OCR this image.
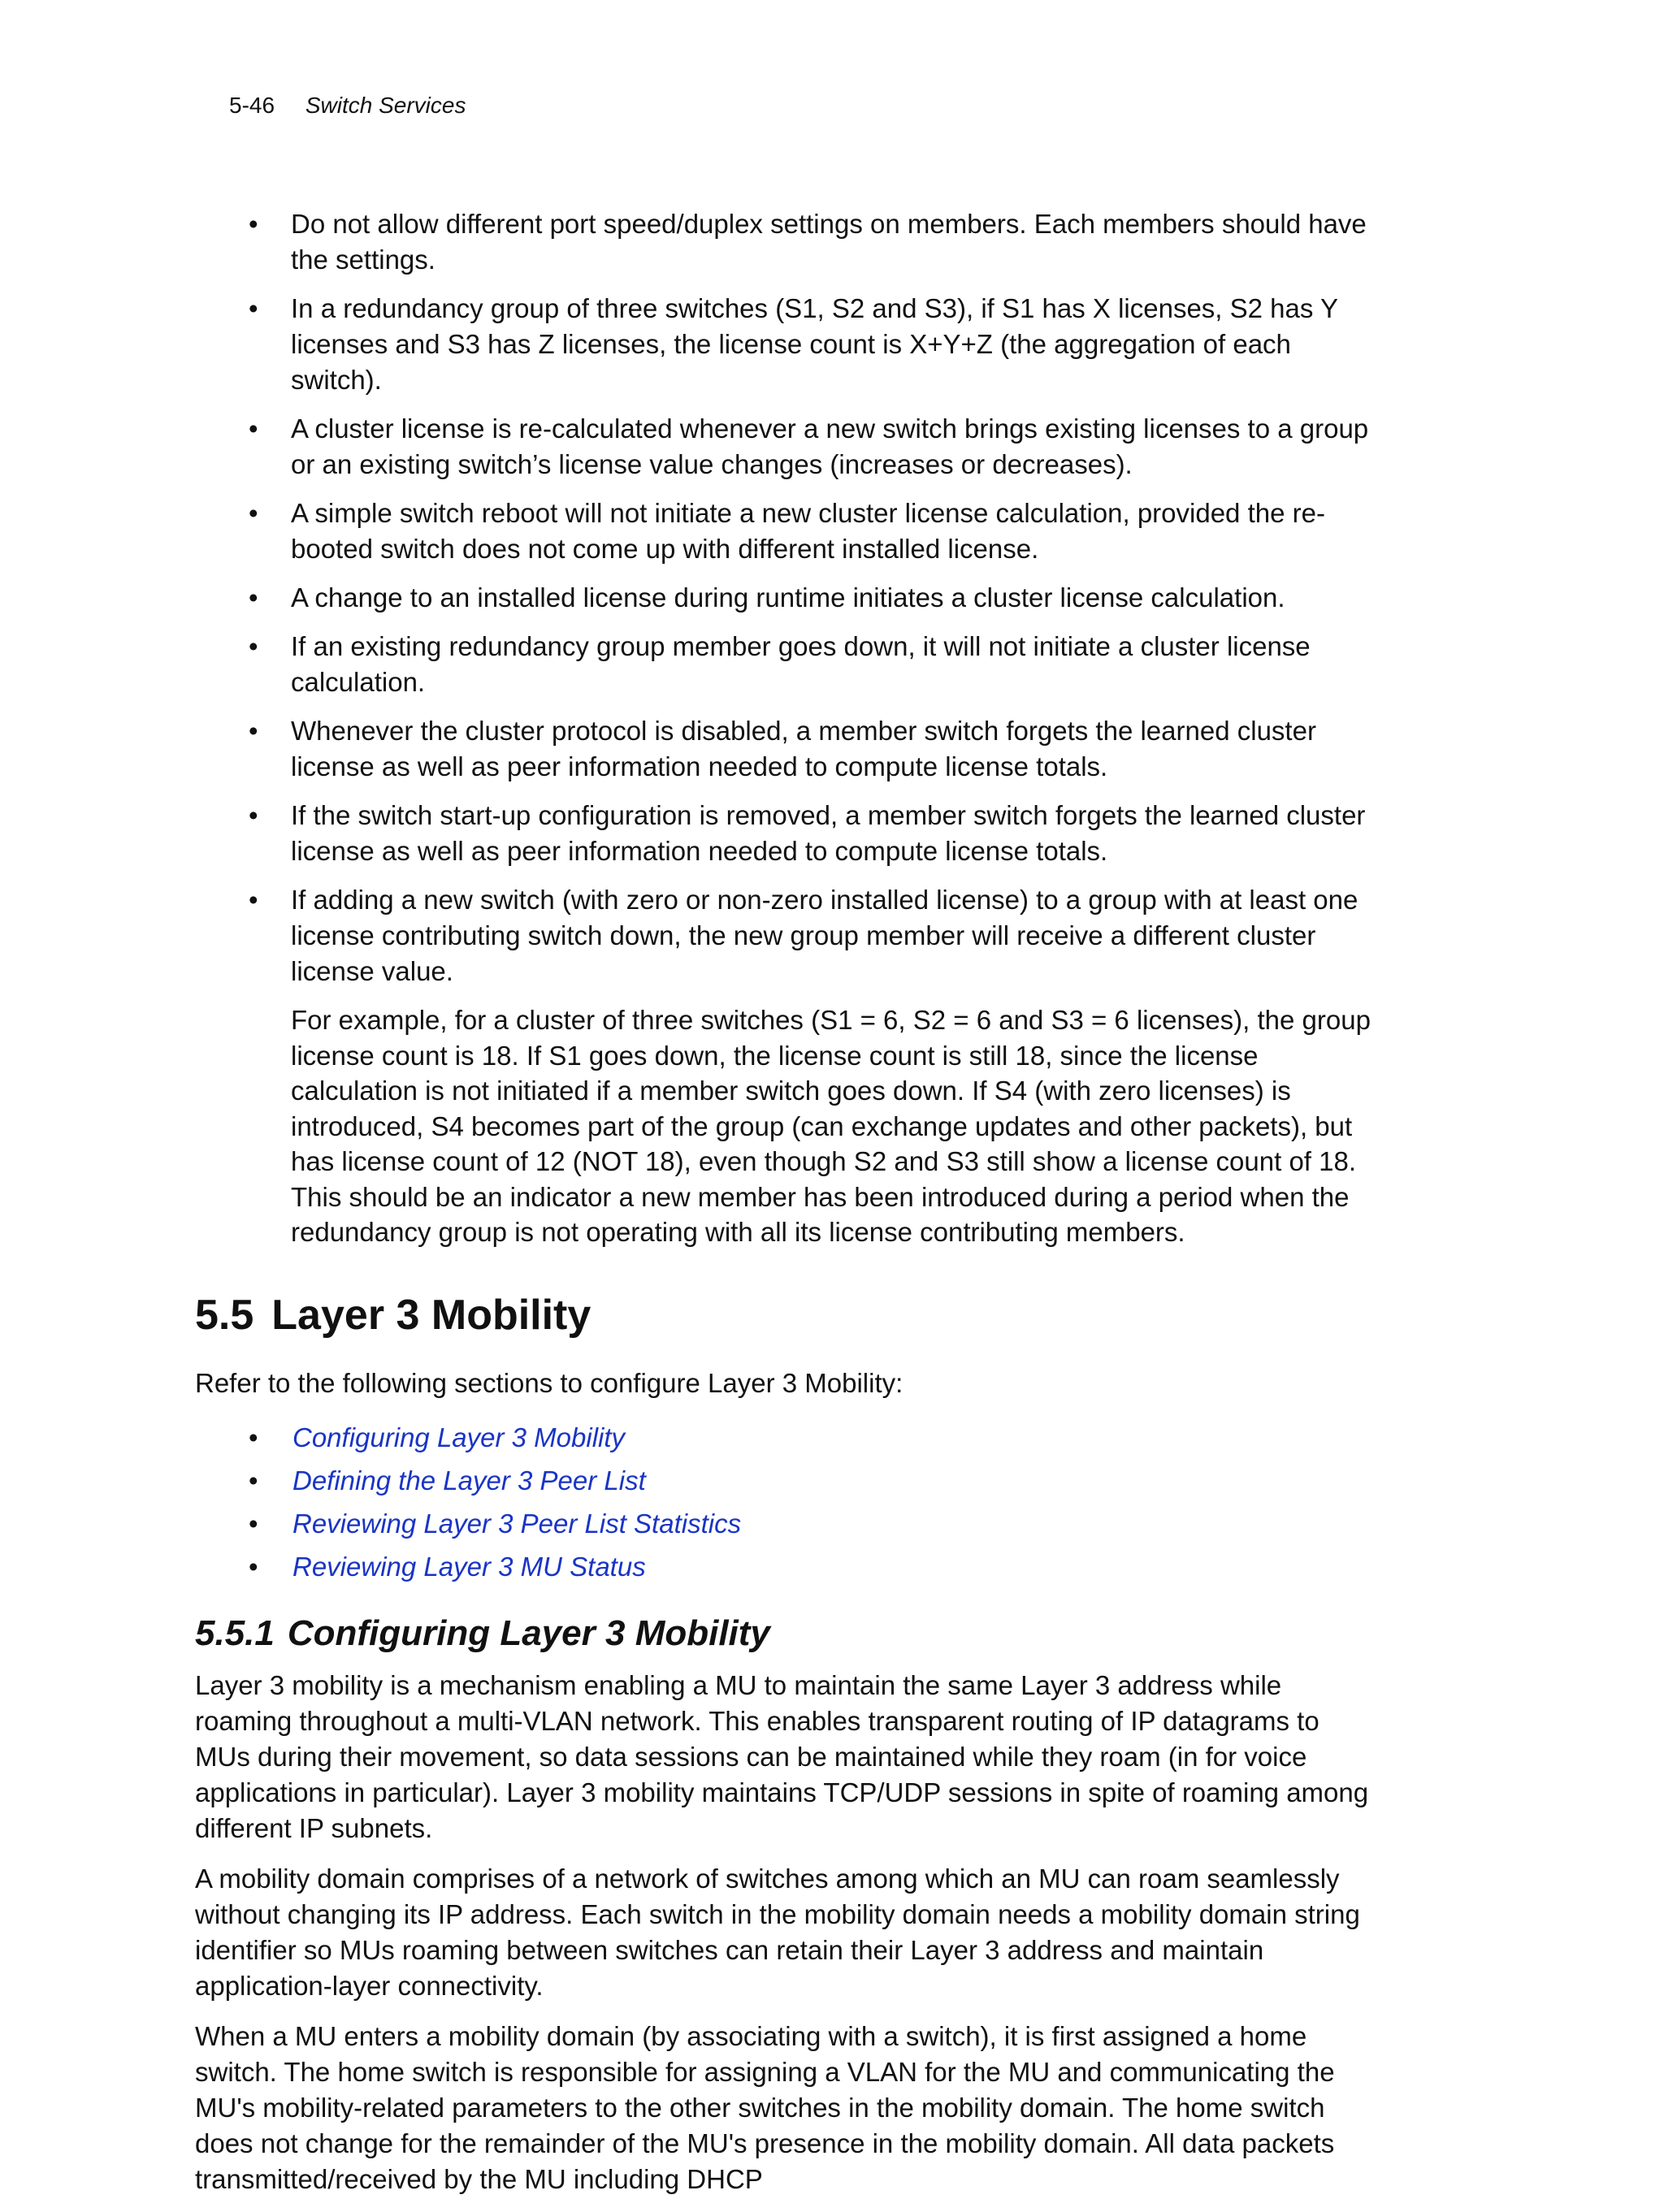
5-46 Switch Services
• Do not allow different port speed/duplex settings on members. Each members should have the settings.
• In a redundancy group of three switches (S1, S2 and S3), if S1 has X licenses, S2 has Y licenses and S3 has Z licenses, the license count is X+Y+Z (the aggregation of each switch).
• A cluster license is re-calculated whenever a new switch brings existing licenses to a group or an existing switch’s license value changes (increases or decreases).
• A simple switch reboot will not initiate a new cluster license calculation, provided the re-booted switch does not come up with different installed license.
• A change to an installed license during runtime initiates a cluster license calculation.
• If an existing redundancy group member goes down, it will not initiate a cluster license calculation.
• Whenever the cluster protocol is disabled, a member switch forgets the learned cluster license as well as peer information needed to compute license totals.
• If the switch start-up configuration is removed, a member switch forgets the learned cluster license as well as peer information needed to compute license totals.
• If adding a new switch (with zero or non-zero installed license) to a group with at least one license contributing switch down, the new group member will receive a different cluster license value.

For example, for a cluster of three switches (S1 = 6, S2 = 6 and S3 = 6 licenses), the group license count is 18. If S1 goes down, the license count is still 18, since the license calculation is not initiated if a member switch goes down. If S4 (with zero licenses) is introduced, S4 becomes part of the group (can exchange updates and other packets), but has license count of 12 (NOT 18), even though S2 and S3 still show a license count of 18. This should be an indicator a new member has been introduced during a period when the redundancy group is not operating with all its license contributing members.

5.5 Layer 3 Mobility

Refer to the following sections to configure Layer 3 Mobility:

• Configuring Layer 3 Mobility
• Defining the Layer 3 Peer List
• Reviewing Layer 3 Peer List Statistics
• Reviewing Layer 3 MU Status
5.5.1 Configuring Layer 3 Mobility

Layer 3 mobility is a mechanism enabling a MU to maintain the same Layer 3 address while roaming throughout a multi-VLAN network. This enables transparent routing of IP datagrams to MUs during their movement, so data sessions can be maintained while they roam (in for voice applications in particular). Layer 3 mobility maintains TCP/UDP sessions in spite of roaming among different IP subnets.

A mobility domain comprises of a network of switches among which an MU can roam seamlessly without changing its IP address. Each switch in the mobility domain needs a mobility domain string identifier so MUs roaming between switches can retain their Layer 3 address and maintain application-layer connectivity.

When a MU enters a mobility domain (by associating with a switch), it is first assigned a home switch. The home switch is responsible for assigning a VLAN for the MU and communicating the MU's mobility-related parameters to the other switches in the mobility domain. The home switch does not change for the remainder of the MU's presence in the mobility domain. All data packets transmitted/received by the MU including DHCP
